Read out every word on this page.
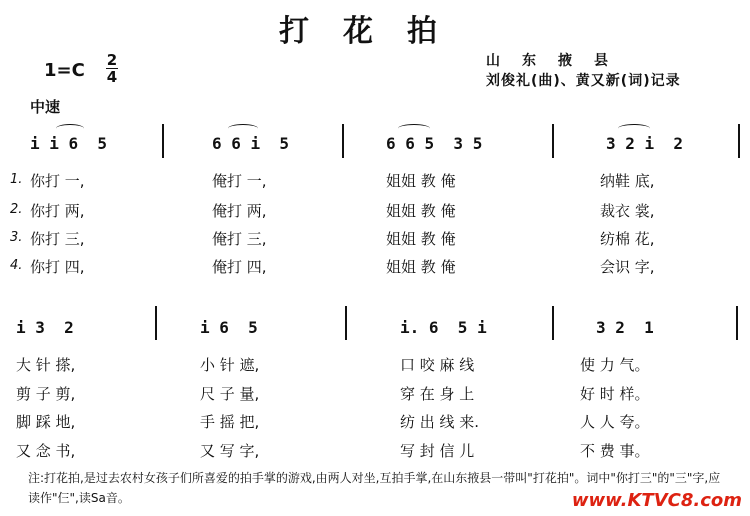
打花拍
1=C 2
4
山东掖县
刘俊礼(曲)、黄又新(词)记录
中速
i i 6  5	6 6 i  5	6 6 5  3 5	3 2 i  2
1. 你打 一,	俺打 一,	姐姐 教 俺	纳鞋 底,
2. 你打 两,	俺打 两,	姐姐 教 俺	裁衣 裳,
3. 你打 三,	俺打 三,	姐姐 教 俺	纺棉 花,
4. 你打 四,	俺打 四,	姐姐 教 俺	会识 字,
i 3  2	i 6  5	i. 6  5 i	3 2  1
大 针 搽,	小 针 遮,	口 咬 麻 线	使 力 气。
剪 子 剪,	尺 子 量,	穿 在 身 上	好 时 样。
脚 踩 地,	手 摇 把,	纺 出 线 来.	人 人 夸。
又 念 书,	又 写 字,	写 封 信 儿	不 费 事。
注:打花拍,是过去农村女孩子们所喜爱的拍手掌的游戏,由两人对坐,互拍手掌,在山东掖县一带叫"打花拍"。词中"你打三"的"三"字,应读作"仨",读Sa音。	www.KTVC8.com
